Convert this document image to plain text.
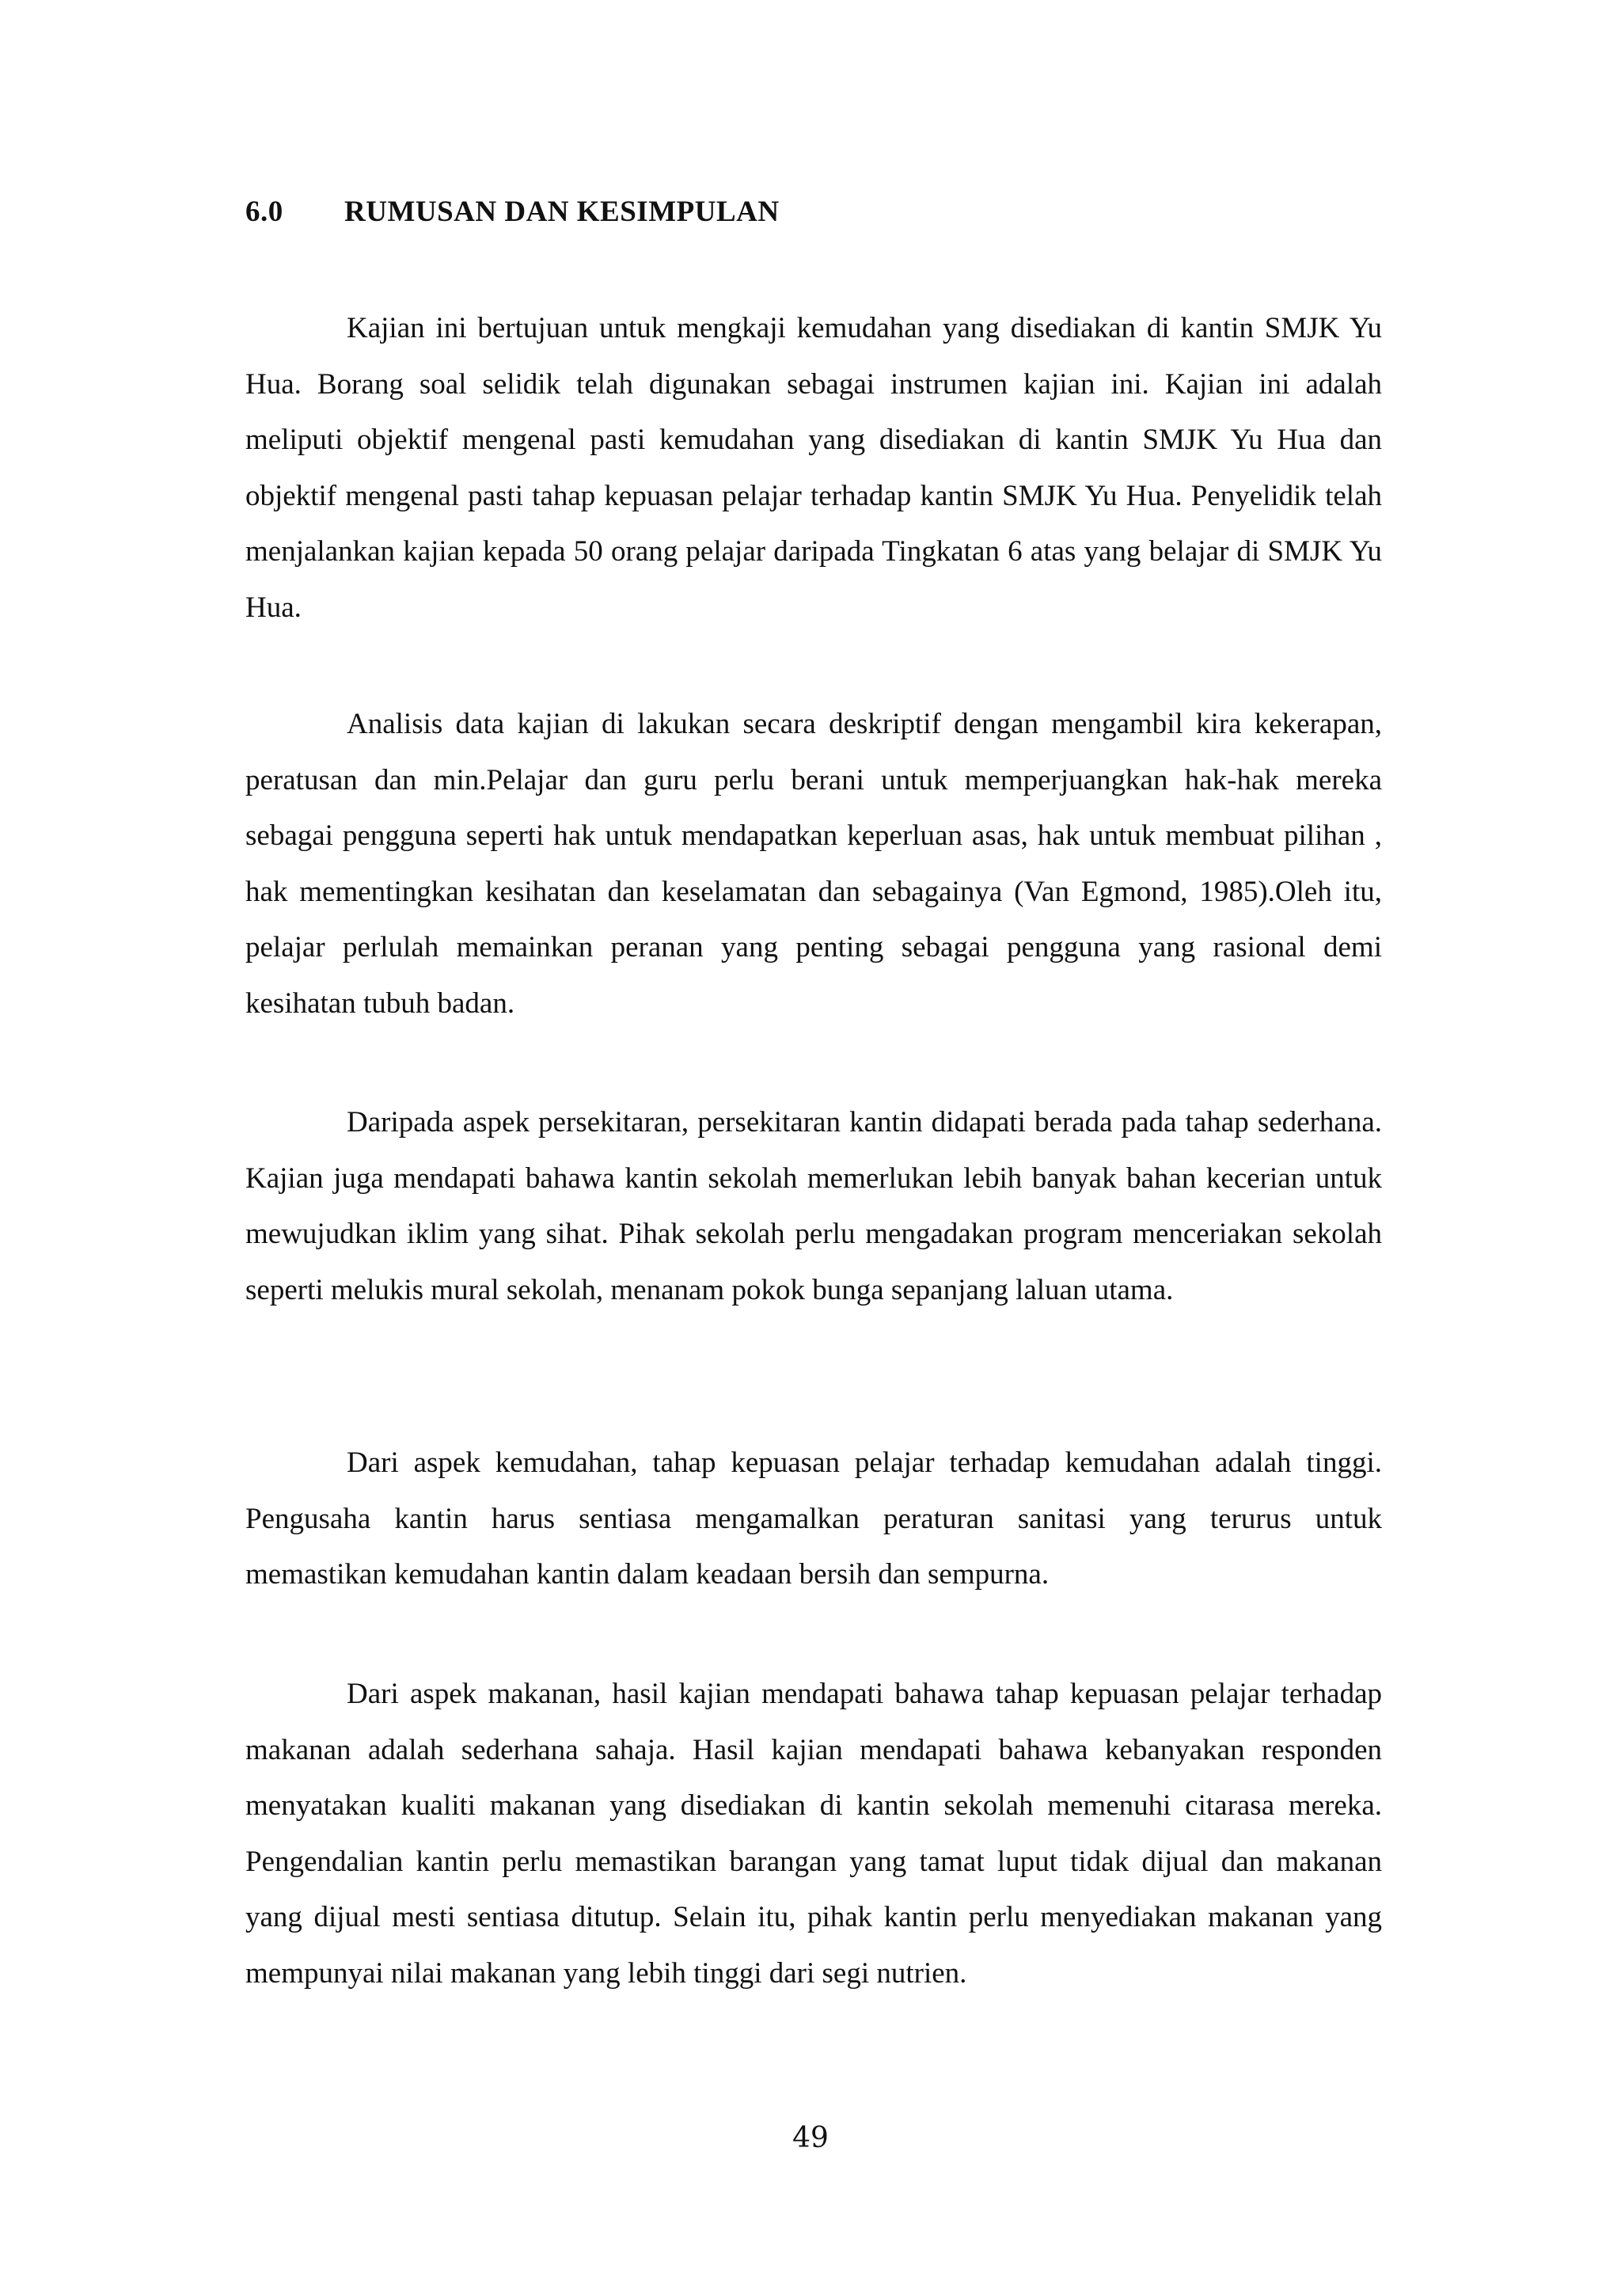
6.0 RUMUSAN DAN KESIMPULAN

Kajian ini bertujuan untuk mengkaji kemudahan yang disediakan di kantin SMJK Yu Hua. Borang soal selidik telah digunakan sebagai instrumen kajian ini. Kajian ini adalah meliputi objektif mengenal pasti kemudahan yang disediakan di kantin SMJK Yu Hua dan objektif mengenal pasti tahap kepuasan pelajar terhadap kantin SMJK Yu Hua. Penyelidik telah menjalankan kajian kepada 50 orang pelajar daripada Tingkatan 6 atas yang belajar di SMJK Yu Hua.

Analisis data kajian di lakukan secara deskriptif dengan mengambil kira kekerapan, peratusan dan min.Pelajar dan guru perlu berani untuk memperjuangkan hak-hak mereka sebagai pengguna seperti hak untuk mendapatkan keperluan asas, hak untuk membuat pilihan , hak mementingkan kesihatan dan keselamatan dan sebagainya (Van Egmond, 1985).Oleh itu, pelajar perlulah memainkan peranan yang penting sebagai pengguna yang rasional demi kesihatan tubuh badan.

Daripada aspek persekitaran, persekitaran kantin didapati berada pada tahap sederhana. Kajian juga mendapati bahawa kantin sekolah memerlukan lebih banyak bahan kecerian untuk mewujudkan iklim yang sihat. Pihak sekolah perlu mengadakan program menceriakan sekolah seperti melukis mural sekolah, menanam pokok bunga sepanjang laluan utama.

Dari aspek kemudahan, tahap kepuasan pelajar terhadap kemudahan adalah tinggi. Pengusaha kantin harus sentiasa mengamalkan peraturan sanitasi yang terurus untuk memastikan kemudahan kantin dalam keadaan bersih dan sempurna.

Dari aspek makanan, hasil kajian mendapati bahawa tahap kepuasan pelajar terhadap makanan adalah sederhana sahaja. Hasil kajian mendapati bahawa kebanyakan responden menyatakan kualiti makanan yang disediakan di kantin sekolah memenuhi citarasa mereka. Pengendalian kantin perlu memastikan barangan yang tamat luput tidak dijual dan makanan yang dijual mesti sentiasa ditutup. Selain itu, pihak kantin perlu menyediakan makanan yang mempunyai nilai makanan yang lebih tinggi dari segi nutrien.

49
